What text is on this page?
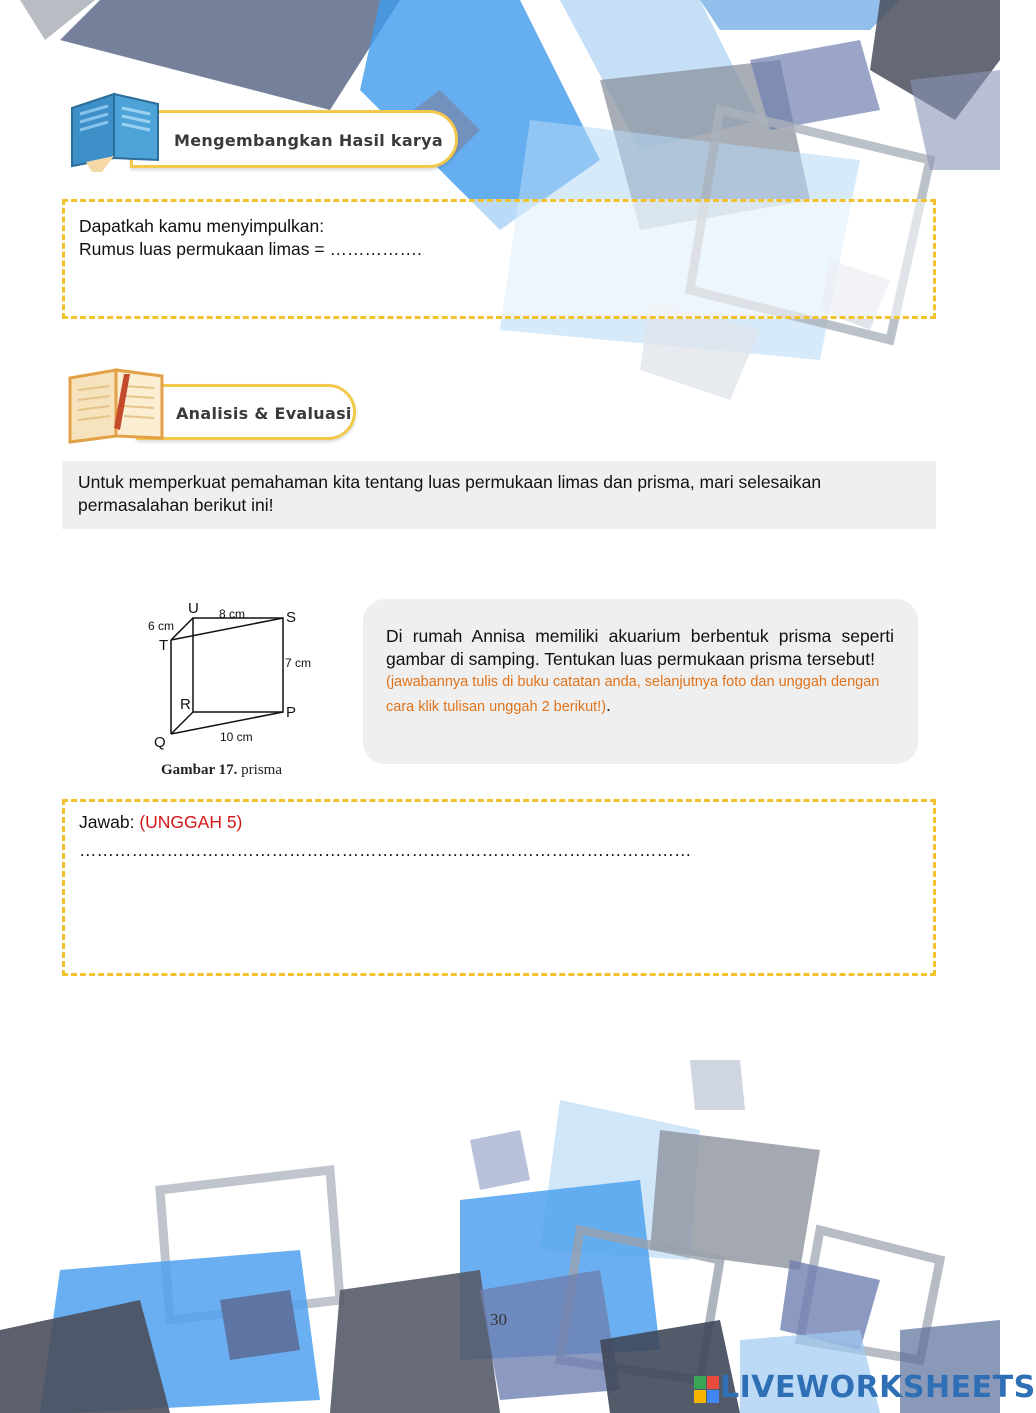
Mengembangkan Hasil karya
Dapatkah kamu menyimpulkan:
Rumus luas permukaan limas = …………….
Analisis & Evaluasi
Untuk memperkuat pemahaman kita tentang luas permukaan limas dan prisma, mari selesaikan permasalahan berikut ini!
U
S
T
R	P
Q
8 cm
6 cm
7 cm
10 cm
Gambar 17. prisma
Di rumah Annisa memiliki akuarium berbentuk prisma seperti gambar di samping. Tentukan luas permukaan prisma tersebut!
(jawabannya tulis di buku catatan anda, selanjutnya foto dan unggah dengan cara klik tulisan unggah 2 berikut!).
Jawab: (UNGGAH 5)
……………………………………………………………………………………………
30
LIVEWORKSHEETS
